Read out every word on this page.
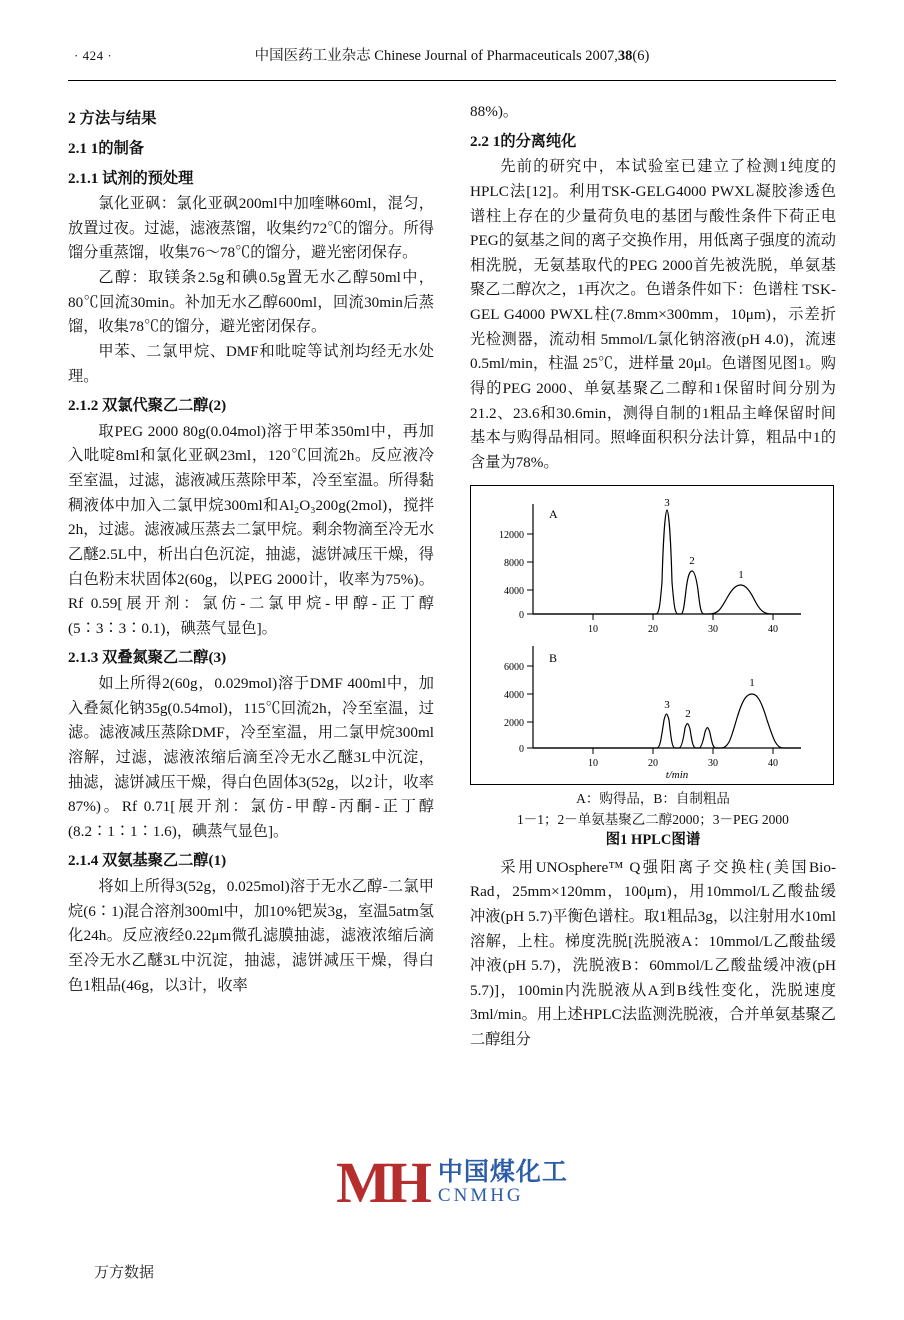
· 424 ·	中国医药工业杂志 Chinese Journal of Pharmaceuticals 2007,38(6)
2 方法与结果
2.1 1的制备
2.1.1 试剂的预处理

氯化亚砜：氯化亚砜200ml中加喹啉60ml，混匀，放置过夜。过滤，滤液蒸馏，收集约72℃的馏分。所得馏分重蒸馏，收集76～78℃的馏分，避光密闭保存。

乙醇：取镁条2.5g和碘0.5g置无水乙醇50ml中，80℃回流30min。补加无水乙醇600ml，回流30min后蒸馏，收集78℃的馏分，避光密闭保存。

甲苯、二氯甲烷、DMF和吡啶等试剂均经无水处理。

2.1.2 双氯代聚乙二醇(2)

取PEG 2000 80g(0.04mol)溶于甲苯350ml中，再加入吡啶8ml和氯化亚砜23ml，120℃回流2h。反应液冷至室温，过滤，滤液减压蒸除甲苯，冷至室温。所得黏稠液体中加入二氯甲烷300ml和Al₂O₃200g(2mol)，搅拌2h，过滤。滤液减压蒸去二氯甲烷。剩余物滴至冷无水乙醚2.5L中，析出白色沉淀，抽滤，滤饼减压干燥，得白色粉末状固体2(60g，以PEG 2000计，收率为75%)。Rf 0.59[展开剂：氯仿-二氯甲烷-甲醇-正丁醇(5∶3∶3∶0.1)，碘蒸气显色]。

2.1.3 双叠氮聚乙二醇(3)

如上所得2(60g，0.029mol)溶于DMF 400ml中，加入叠氮化钠35g(0.54mol)，115℃回流2h，冷至室温，过滤。滤液减压蒸除DMF，冷至室温，用二氯甲烷300ml溶解，过滤，滤液浓缩后滴至冷无水乙醚3L中沉淀，抽滤，滤饼减压干燥，得白色固体3(52g，以2计，收率87%)。Rf 0.71[展开剂：氯仿-甲醇-丙酮-正丁醇(8.2∶1∶1∶1.6)，碘蒸气显色]。

2.1.4 双氨基聚乙二醇(1)

将如上所得3(52g，0.025mol)溶于无水乙醇-二氯甲烷(6∶1)混合溶剂300ml中，加10%钯炭3g，室温5atm氢化24h。反应液经0.22μm微孔滤膜抽滤，滤液浓缩后滴至冷无水乙醚3L中沉淀，抽滤，滤饼减压干燥，得白色1粗品(46g，以3计，收率

88%)。

2.2 1的分离纯化

先前的研究中，本试验室已建立了检测1纯度的HPLC法[12]。利用TSK-GELG4000 PWXL凝胶渗透色谱柱上存在的少量荷负电的基团与酸性条件下荷正电PEG的氨基之间的离子交换作用，用低离子强度的流动相洗脱，无氨基取代的PEG 2000首先被洗脱，单氨基聚乙二醇次之，1再次之。色谱条件如下：色谱柱 TSK-GEL G4000 PWXL柱(7.8mm×300mm，10μm)，示差折光检测器，流动相 5mmol/L氯化钠溶液(pH 4.0)，流速 0.5ml/min，柱温 25℃，进样量 20μl。色谱图见图1。购得的PEG 2000、单氨基聚乙二醇和1保留时间分别为21.2、23.6和30.6min，测得自制的1粗品主峰保留时间基本与购得品相同。照峰面积积分法计算，粗品中1的含量为78%。

0
4000
8000
12000
10	20	30	40
A
3
2
1
0
2000
4000
6000
10	20	30	40
B
t/min
3
2
1
A：购得品，B：自制粗品
1－1；2－单氨基聚乙二醇2000；3－PEG 2000
图1 HPLC图谱

采用UNOsphere™ Q强阳离子交换柱(美国Bio-Rad，25mm×120mm，100μm)，用10mmol/L乙酸盐缓冲液(pH 5.7)平衡色谱柱。取1粗品3g，以注射用水10ml溶解，上柱。梯度洗脱[洗脱液A：10mmol/L乙酸盐缓冲液(pH 5.7)，洗脱液B：60mmol/L乙酸盐缓冲液(pH 5.7)]，100min内洗脱液从A到B线性变化，洗脱速度3ml/min。用上述HPLC法监测洗脱液，合并单氨基聚乙二醇组分

MH 中国煤化工
CNMHG
万方数据
